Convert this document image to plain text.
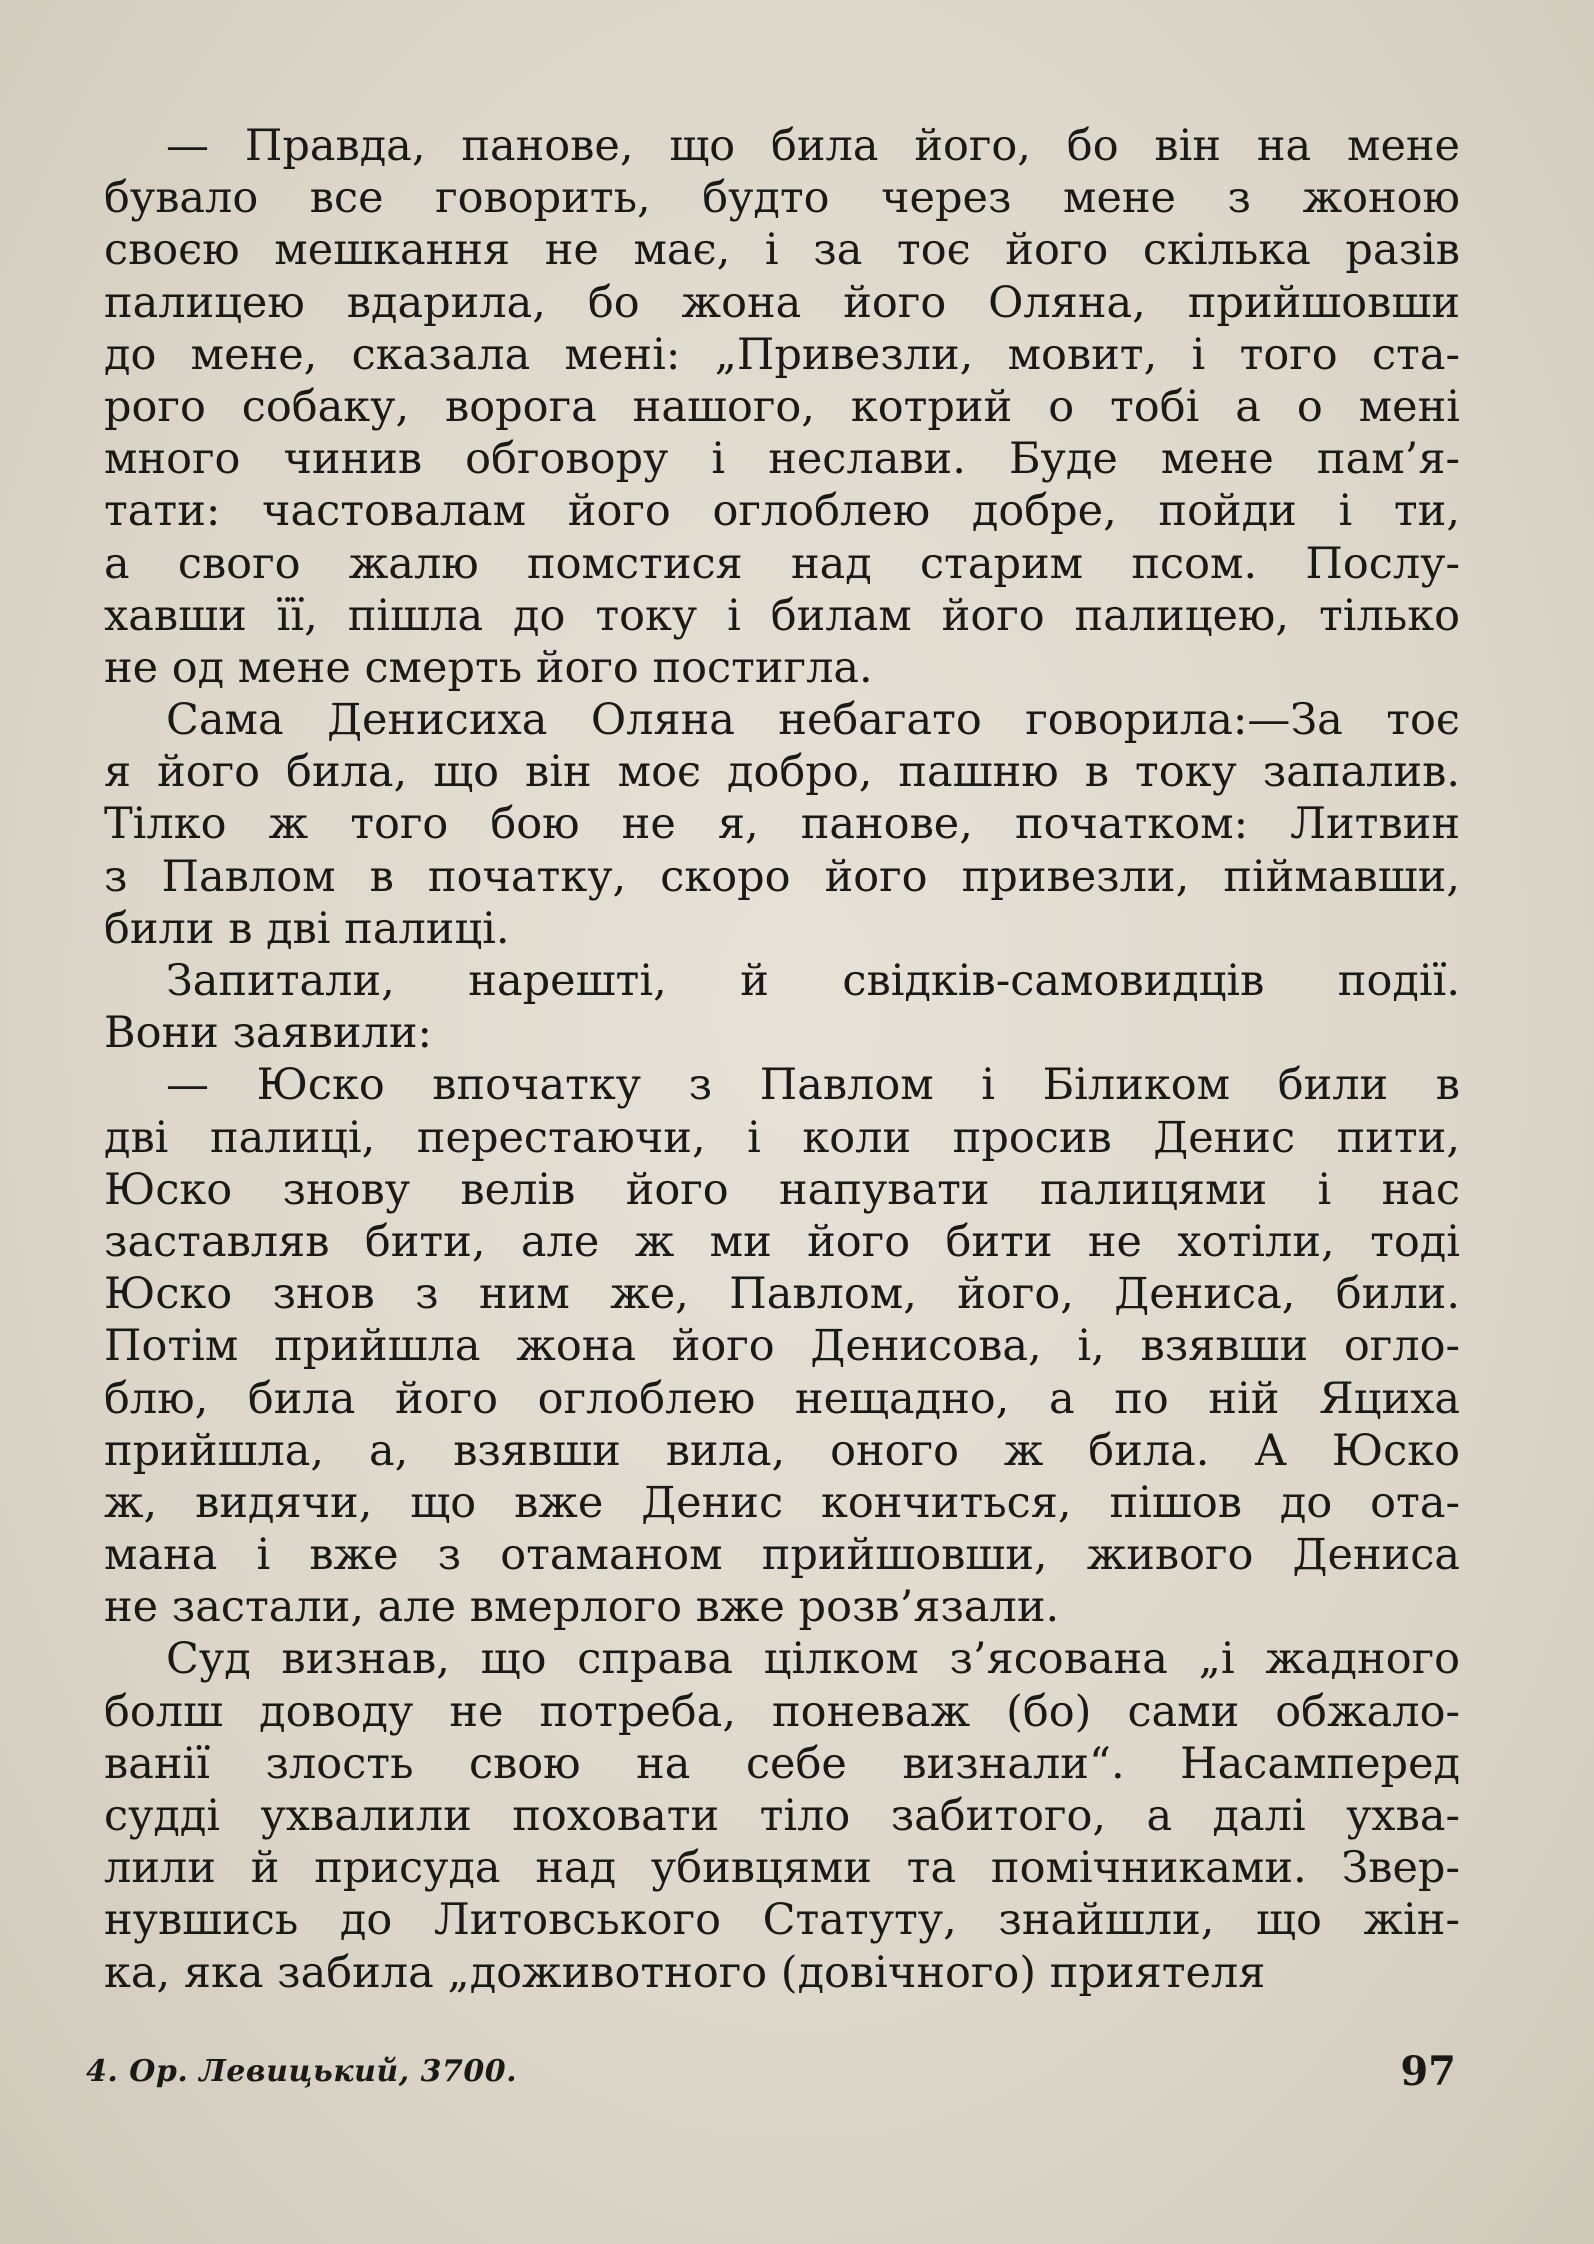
— Правда, панове, що била його, бо він на мене
бувало все говорить, будто через мене з жоною
своєю мешкання не має, і за тоє його скілька разів
палицею вдарила, бо жона його Оляна, прийшовши
до мене, сказала мені: „Привезли, мовит, і того ста-
рого собаку, ворога нашого, котрий о тобі а о мені
много чинив обговору і неслави. Буде мене пам’я-
тати: частовалам його оглоблею добре, пойди і ти,
а свого жалю помстися над старим псом. Послу-
хавши її, пішла до току і билам його палицею, тілько
не од мене смерть його постигла.
Сама Денисиха Оляна небагато говорила:—За тоє
я його била, що він моє добро, пашню в току запалив.
Тілко ж того бою не я, панове, початком: Литвин
з Павлом в початку, скоро його привезли, піймавши,
били в дві палиці.
Запитали, нарешті, й свідків-самовидців події.
Вони заявили:
— Юско впочатку з Павлом і Біликом били в
дві палиці, перестаючи, і коли просив Денис пити,
Юско знову велів його напувати палицями і нас
заставляв бити, але ж ми його бити не хотіли, тоді
Юско знов з ним же, Павлом, його, Дениса, били.
Потім прийшла жона його Денисова, і, взявши огло-
блю, била його оглоблею нещадно, а по ній Яциха
прийшла, а, взявши вила, оного ж била. А Юско
ж, видячи, що вже Денис кончиться, пішов до ота-
мана і вже з отаманом прийшовши, живого Дениса
не застали, але вмерлого вже розв’язали.
Суд визнав, що справа цілком з’ясована „і жадного
болш доводу не потреба, поневаж (бо) сами обжало-
ванії злость свою на себе визнали“. Насамперед
судді ухвалили поховати тіло забитого, а далі ухва-
лили й присуда над убивцями та помічниками. Звер-
нувшись до Литовського Статуту, знайшли, що жін-
ка, яка забила „доживотного (довічного) приятеля
4. Ор. Левицький, 3700.	97
